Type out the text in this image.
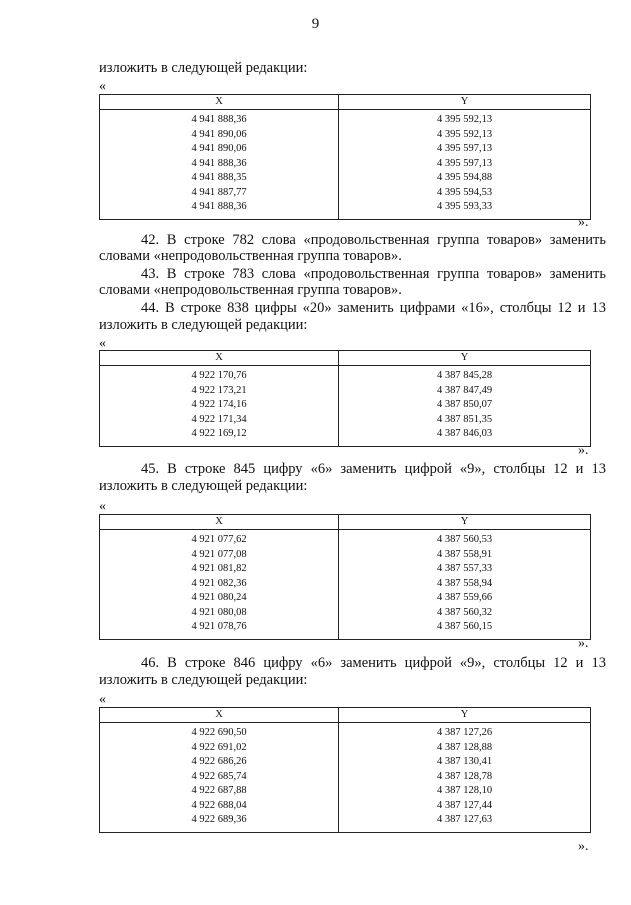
9
изложить в следующей редакции:
«
X	Y
4 941 888,36	4 395 592,13
4 941 890,06	4 395 592,13
4 941 890,06	4 395 597,13
4 941 888,36	4 395 597,13
4 941 888,35	4 395 594,88
4 941 887,77	4 395 594,53
4 941 888,36	4 395 593,33
».
42. В строке 782 слова «продовольственная группа товаров» заменить
словами «непродовольственная группа товаров».
43. В строке 783 слова «продовольственная группа товаров» заменить
словами «непродовольственная группа товаров».
44. В строке 838 цифры «20» заменить цифрами «16», столбцы 12 и 13
изложить в следующей редакции:
«
X	Y
4 922 170,76	4 387 845,28
4 922 173,21	4 387 847,49
4 922 174,16	4 387 850,07
4 922 171,34	4 387 851,35
4 922 169,12	4 387 846,03
».
45. В строке 845 цифру «6» заменить цифрой «9», столбцы 12 и 13
изложить в следующей редакции:
«
X	Y
4 921 077,62	4 387 560,53
4 921 077,08	4 387 558,91
4 921 081,82	4 387 557,33
4 921 082,36	4 387 558,94
4 921 080,24	4 387 559,66
4 921 080,08	4 387 560,32
4 921 078,76	4 387 560,15
».
46. В строке 846 цифру «6» заменить цифрой «9», столбцы 12 и 13
изложить в следующей редакции:
«
X	Y
4 922 690,50	4 387 127,26
4 922 691,02	4 387 128,88
4 922 686,26	4 387 130,41
4 922 685,74	4 387 128,78
4 922 687,88	4 387 128,10
4 922 688,04	4 387 127,44
4 922 689,36	4 387 127,63
».
